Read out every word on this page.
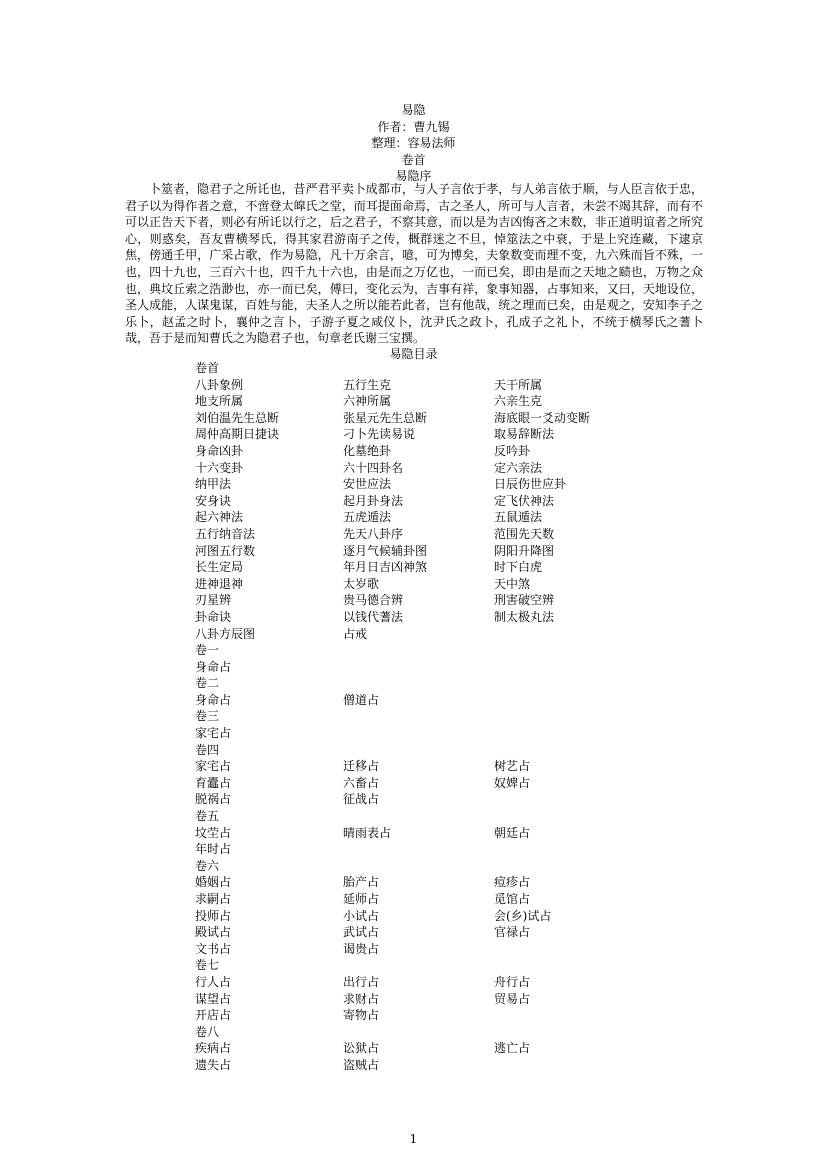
易隐
作者：曹九锡
整理：容易法师
卷首
易隐序
卜筮者，隐君子之所讬也，昔严君平卖卜成都市，与人子言依于孝，与人弟言依于顺，与人臣言依于忠，君子以为得作者之意，不啻登太皡氏之堂，而耳提面命焉，古之圣人，所可与人言者，未尝不竭其辞，而有不可以正告天下者，则必有所讬以行之，后之君子，不察其意，而以是为吉凶悔吝之末数，非正道明谊者之所究心，则惑矣，吾友曹横琴氏，得其家君游南子之传，概群迷之不旦，悼筮法之中衰，于是上究连藏，下逮京焦，傍通壬甲，广采占歌，作为易隐，凡十万余言，噫，可为博矣，夫象数变而理不变，九六殊而旨不殊，一也，四十九也，三百六十也，四千九十六也，由是而之万亿也，一而已矣，即由是而之天地之赜也，万物之众也，典坟丘索之浩渺也，亦一而已矣，傅曰，变化云为，吉事有祥，象事知器，占事知来，又曰，天地设位，圣人成能，人谋鬼谋，百姓与能，夫圣人之所以能若此者，岂有他哉，统之理而已矣，由是观之，安知李子之乐卜，赵孟之时卜，襄仲之言卜，子游子夏之咸仪卜，沈尹氏之政卜，孔成子之礼卜，不统于横琴氏之蓍卜哉，吾于是而知曹氏之为隐君子也，句章老氏谢三宝撰。
易隐目录
卷首
八卦象例	五行生克	天干所属
地支所属	六神所属	六亲生克
刘伯温先生总断	张星元先生总断	海底眼一爻动变断
周仲高期日捷诀	刁卜先读易说	取易辞断法
身命凶卦	化墓绝卦	反吟卦
十六变卦	六十四卦名	定六亲法
纳甲法	安世应法	日辰伤世应卦
安身诀	起月卦身法	定飞伏神法
起六神法	五虎遁法	五鼠遁法
五行纳音法	先天八卦序	范围先天数
河图五行数	逐月气候辅卦图	阴阳升降图
长生定局	年月日吉凶神煞	时下白虎
进神退神	太岁歌	天中煞
刃星辨	贵马德合辨	刑害破空辨
卦命诀	以钱代蓍法	制太极丸法
八卦方辰图	占戒
卷一
身命占
卷二
身命占	僧道占
卷三
家宅占
卷四
家宅占	迁移占	树艺占
育蠹占	六畜占	奴婢占
脱祸占	征战占
卷五
坟茔占	晴雨表占	朝廷占
年时占
卷六
婚姻占	胎产占	痘疹占
求嗣占	延师占	觅馆占
投师占	小试占	会(乡)试占
殿试占	武试占	官禄占
文书占	谒贵占
卷七
行人占	出行占	舟行占
谋望占	求财占	贸易占
开店占	寄物占
卷八
疾病占	讼狱占	逃亡占
遗失占	盗贼占
1
